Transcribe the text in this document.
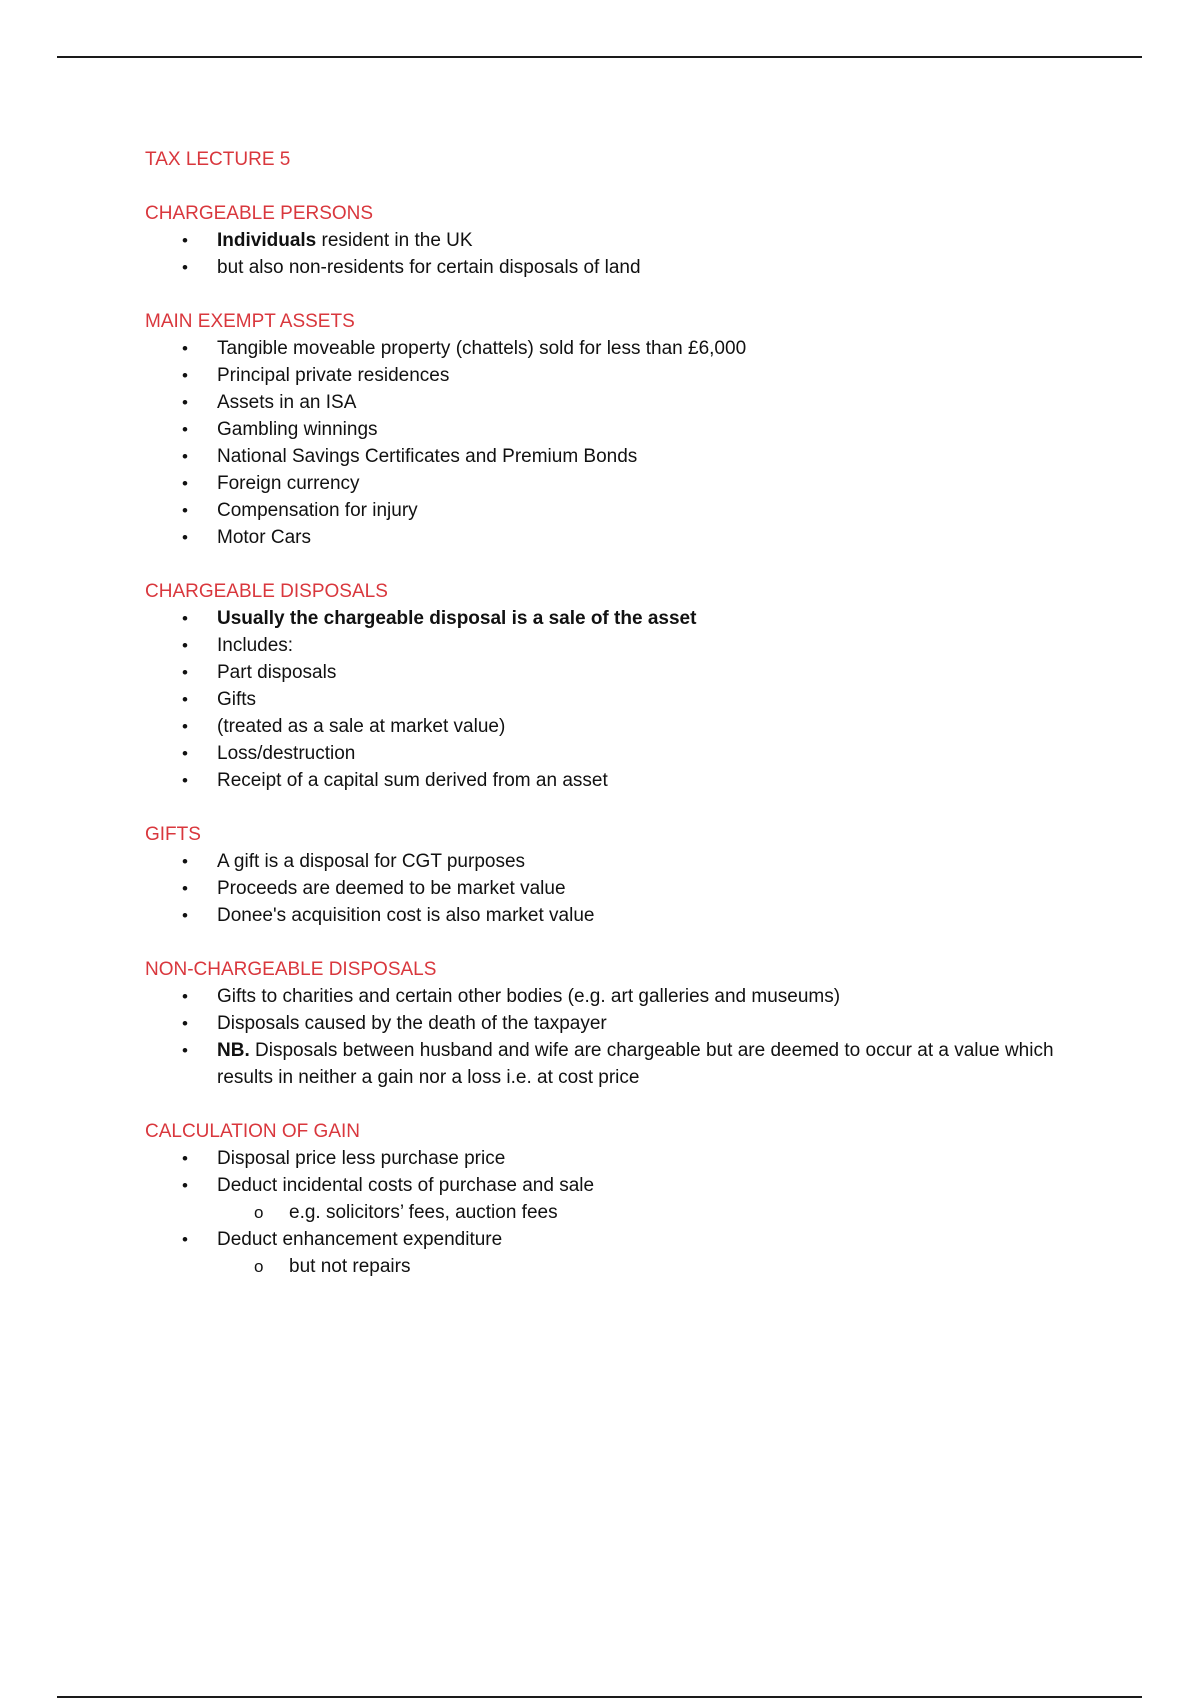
TAX LECTURE 5
CHARGEABLE PERSONS
• Individuals resident in the UK
• but also non-residents for certain disposals of land
MAIN EXEMPT ASSETS
• Tangible moveable property (chattels) sold for less than £6,000
• Principal private residences
• Assets in an ISA
• Gambling winnings
• National Savings Certificates and Premium Bonds
• Foreign currency
• Compensation for injury
• Motor Cars
CHARGEABLE DISPOSALS
• Usually the chargeable disposal is a sale of the asset
• Includes:
• Part disposals
• Gifts
• (treated as a sale at market value)
• Loss/destruction
• Receipt of a capital sum derived from an asset
GIFTS
• A gift is a disposal for CGT purposes
• Proceeds are deemed to be market value
• Donee's acquisition cost is also market value
NON-CHARGEABLE DISPOSALS
• Gifts to charities and certain other bodies (e.g. art galleries and museums)
• Disposals caused by the death of the taxpayer
• NB. Disposals between husband and wife are chargeable but are deemed to occur at a value which results in neither a gain nor a loss i.e. at cost price
CALCULATION OF GAIN
• Disposal price less purchase price
• Deduct incidental costs of purchase and sale
o e.g. solicitors’ fees, auction fees
• Deduct enhancement expenditure
o but not repairs
